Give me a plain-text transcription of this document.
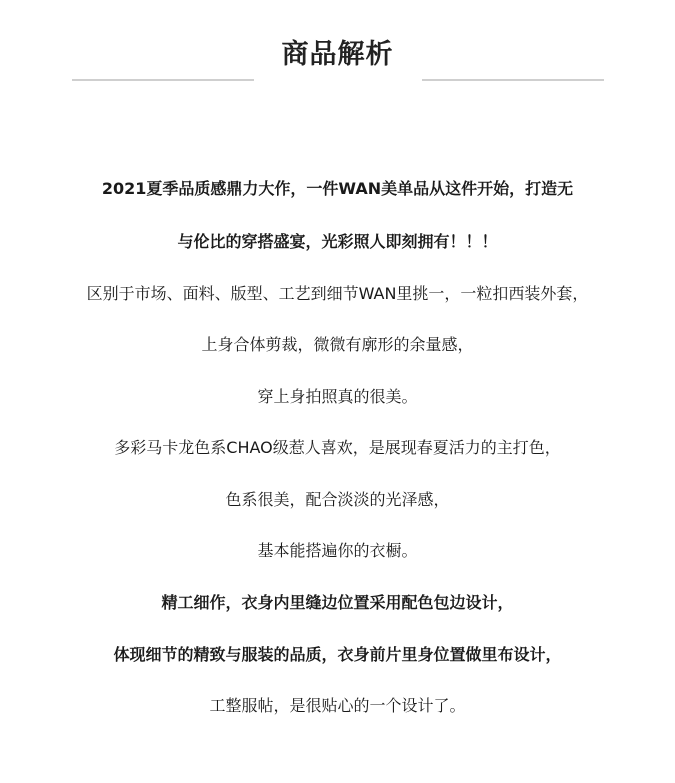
商品解析
2021夏季品质感鼎力大作，一件WAN美单品从这件开始，打造无
与伦比的穿搭盛宴，光彩照人即刻拥有！！！
区别于市场、面料、版型、工艺到细节WAN里挑一，一粒扣西装外套，
上身合体剪裁，微微有廓形的余量感，
穿上身拍照真的很美。
多彩马卡龙色系CHAO级惹人喜欢，是展现春夏活力的主打色，
色系很美，配合淡淡的光泽感，
基本能搭遍你的衣橱。
精工细作，衣身内里缝边位置采用配色包边设计，
体现细节的精致与服装的品质，衣身前片里身位置做里布设计，
工整服帖，是很贴心的一个设计了。
